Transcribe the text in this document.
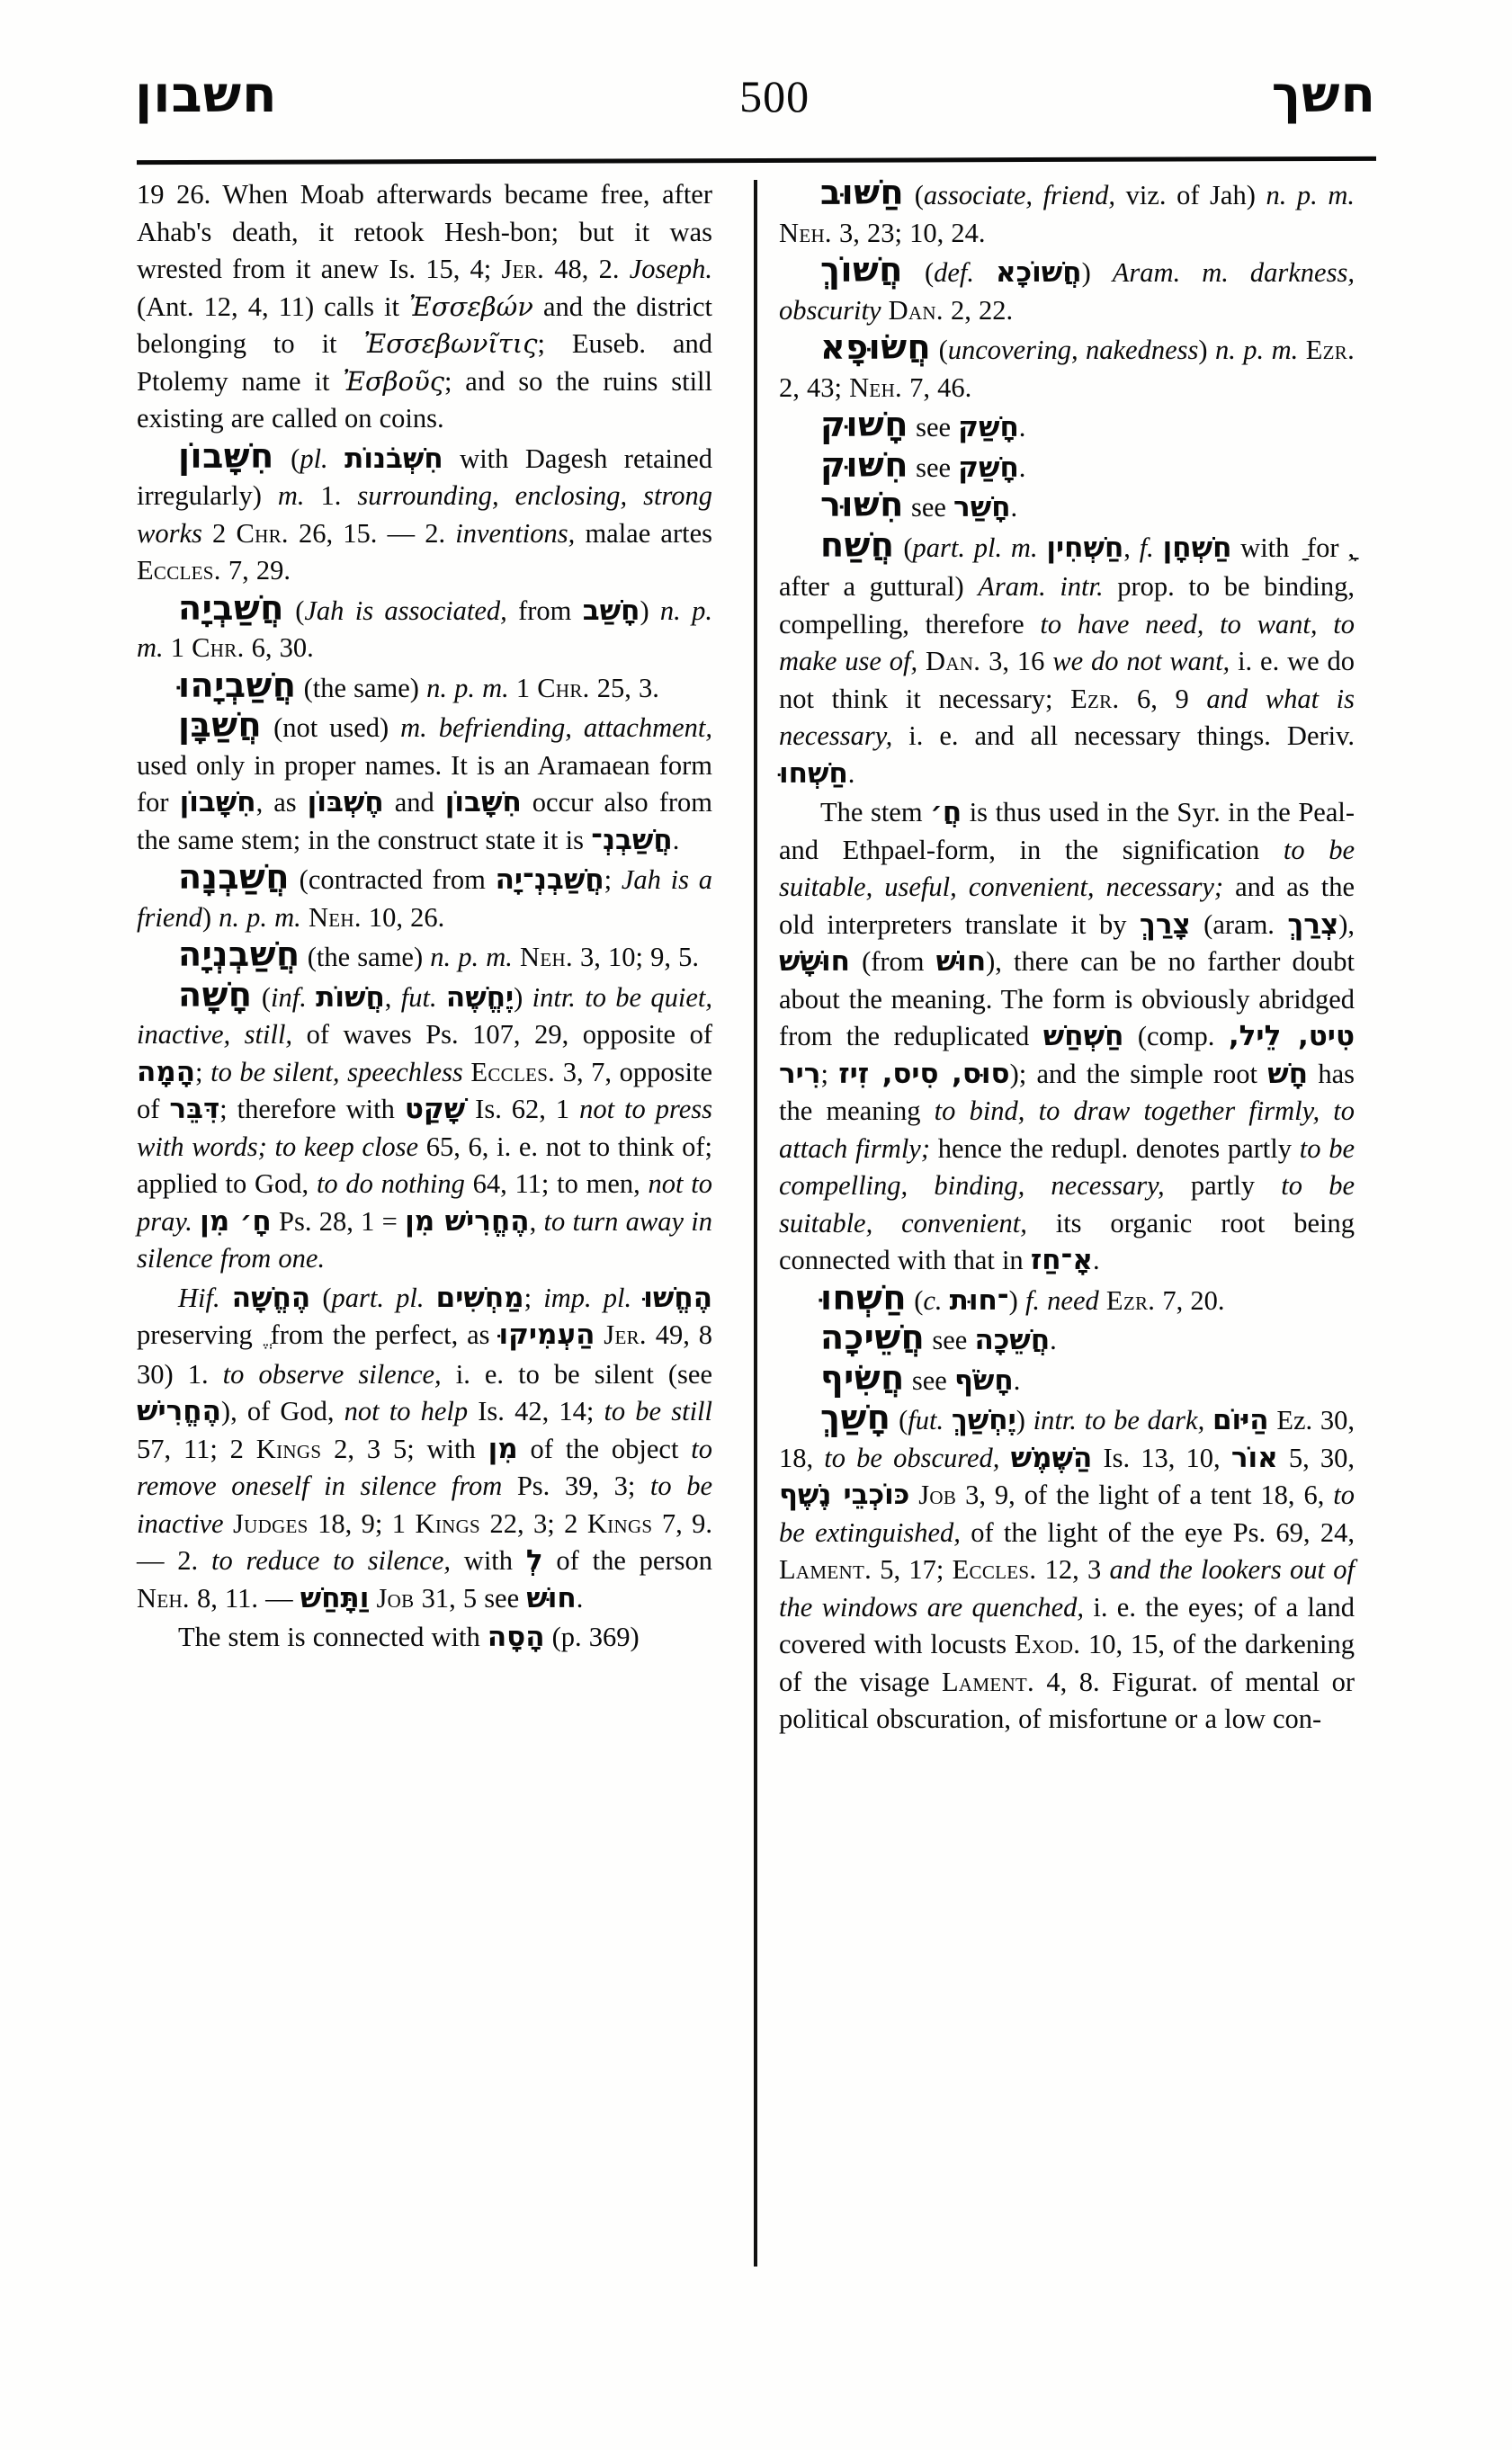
חשבון	500	חשך

19 26. When Moab afterwards became free, after Ahab's death, it retook Hesh-bon; but it was wrested from it anew Is. 15, 4; Jer. 48, 2. Joseph. (Ant. 12, 4, 11) calls it Ἐσσεβών and the district belonging to it Ἐσσεβωνῖτις; Euseb. and Ptolemy name it Ἐσβοῦς; and so the ruins still existing are called on coins.

חִשָּׁבוֹן (pl. חִשְּׁבֹנוֹת with Dagesh retained irregularly) m. 1. surrounding, enclosing, strong works 2 Chr. 26, 15. — 2. inventions, malae artes Eccles. 7, 29.

חֲשַׁבְיָה (Jah is associated, from חָשַׁב) n. p. m. 1 Chr. 6, 30.

חֲשַׁבְיָהוּ (the same) n. p. m. 1 Chr. 25, 3.

חֲשַׁבָּן (not used) m. befriending, attachment, used only in proper names. It is an Aramaean form for חִשָּׁבוֹן, as חֶשְׁבּוֹן and חִשָּׁבוֹן occur also from the same stem; in the construct state it is חֲשַׁבְנְ־.

חֲשַׁבְנָה (contracted from חֲשַׁבְנְ־יָה; Jah is a friend) n. p. m. Neh. 10, 26.

חֲשַׁבְנְיָה (the same) n. p. m. Neh. 3, 10; 9, 5.

חָשָׁה (inf. חֲשׁוֹת, fut. יֶחֱשֶׁה) intr. to be quiet, inactive, still, of waves Ps. 107, 29, opposite of הָמָה; to be silent, speechless Eccles. 3, 7, opposite of דִּבֵּר; therefore with שָׁקַט Is. 62, 1 not to press with words; to keep close 65, 6, i. e. not to think of; applied to God, to do nothing 64, 11; to men, not to pray. חָ׳ מִן Ps. 28, 1 = הֶחֱרִישׁ מִן, to turn away in silence from one.

Hif. הֶחֱשָׁה (part. pl. מַחְשִׁים; imp. pl. הֶחֱשׁוּ preserving from the perfect, as הַעְמִיקוּ Jer. 49, 8 30) 1. to observe silence, i. e. to be silent (see הֶחֱרִישׁ), of God, not to help Is. 42, 14; to be still 57, 11; 2 Kings 2, 3 5; with מִן of the object to remove oneself in silence from Ps. 39, 3; to be inactive Judges 18, 9; 1 Kings 22, 3; 2 Kings 7, 9. — 2. to reduce to silence, with לְ of the person Neh. 8, 11. — וַתָּחַשׁ Job 31, 5 see חוּשׁ.

The stem is connected with הָסָה (p. 369)

חַשּׁוּב (associate, friend, viz. of Jah) n. p. m. Neh. 3, 23; 10, 24.

חֲשׁוֹךְ (def. חֲשׁוֹכָא) Aram. m. darkness, obscurity Dan. 2, 22.

חֲשׂוּפָא (uncovering, nakedness) n. p. m. Ezr. 2, 43; Neh. 7, 46.

חָשׁוּק see חָשַׁק.

חִשּׁוּק see חָשַׁק.

חִשּׁוּר see חָשַׁר.

חֲשַׁח (part. pl. m. חַשְׁחִין, f. חַשְׁחָן with for , after a guttural) Aram. intr. prop. to be binding, compelling, therefore to have need, to want, to make use of, Dan. 3, 16 we do not want, i. e. we do not think it necessary; Ezr. 6, 9 and what is necessary, i. e. and all necessary things. Deriv. חַשְׁחוּ.

The stem חֲ׳ is thus used in the Syr. in the Peal- and Ethpael-form, in the signification to be suitable, useful, convenient, necessary; and as the old interpreters translate it by צָרַךְ (aram. צְרַךְ), חוּשָׁשׁ (from חוּשׁ), there can be no farther doubt about the meaning. The form is obviously abridged from the reduplicated חַשְׁחַשׁ (comp. טִיט, לֵיל, רִיר; סוּס, סִיס, זִיז); and the simple root חָשׁ has the meaning to bind, to draw together firmly, to attach firmly; hence the redupl. denotes partly to be compelling, binding, necessary, partly to be suitable, convenient, its organic root being connected with that in אָ־חַז.

חַשְׁחוּ (c. ־חוּת) f. need Ezr. 7, 20.

חֲשֵׁיכָה see חֲשֵׁכָה.

חֲשִׂיף see חָשֹׂף.

חָשַׁךְ (fut. יֶחְשַׁךְ) intr. to be dark, הַיּוֹם Ez. 30, 18, to be obscured, הַשֶּׁמֶשׁ Is. 13, 10, אוֹר 5, 30, כּוֹכְבֵי נֶשֶׁף Job 3, 9, of the light of a tent 18, 6, to be extinguished, of the light of the eye Ps. 69, 24, Lament. 5, 17; Eccles. 12, 3 and the lookers out of the windows are quenched, i. e. the eyes; of a land covered with locusts Exod. 10, 15, of the darkening of the visage Lament. 4, 8. Figurat. of mental or political obscuration, of misfortune or a low con-
